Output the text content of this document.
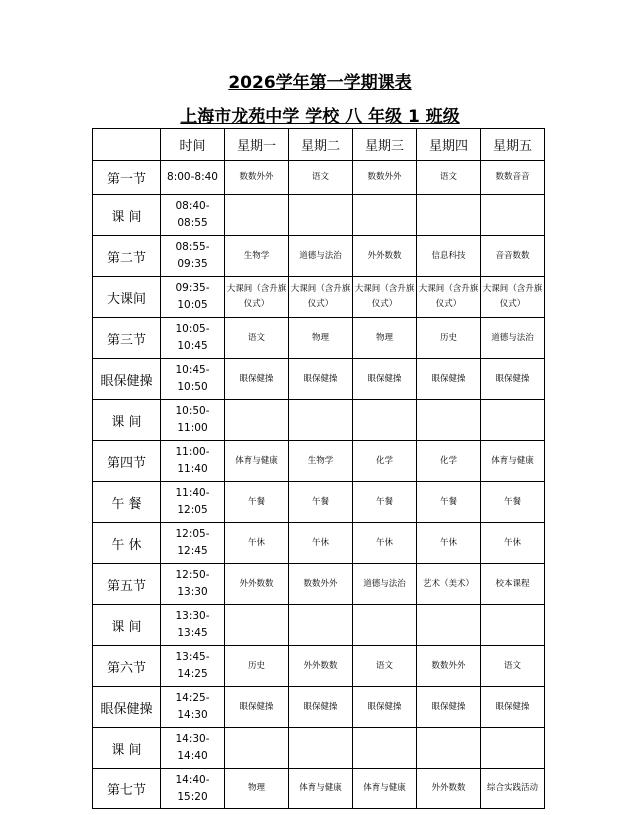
2026学年第一学期课表
上海市龙苑中学 学校 八 年级 1 班级
	时间	星期一	星期二	星期三	星期四	星期五
第一节	8:00-8:40	数数外外	语文	数数外外	语文	数数音音
课 间	08:40-08:55					
第二节	08:55-09:35	生物学	道德与法治	外外数数	信息科技	音音数数
大课间	09:35-10:05	大课间（含升旗仪式）	大课间（含升旗仪式）	大课间（含升旗仪式）	大课间（含升旗仪式）	大课间（含升旗仪式）
第三节	10:05-10:45	语文	物理	物理	历史	道德与法治
眼保健操	10:45-10:50	眼保健操	眼保健操	眼保健操	眼保健操	眼保健操
课 间	10:50-11:00					
第四节	11:00-11:40	体育与健康	生物学	化学	化学	体育与健康
午 餐	11:40-12:05	午餐	午餐	午餐	午餐	午餐
午 休	12:05-12:45	午休	午休	午休	午休	午休
第五节	12:50-13:30	外外数数	数数外外	道德与法治	艺术（美术）	校本课程
课 间	13:30-13:45					
第六节	13:45-14:25	历史	外外数数	语文	数数外外	语文
眼保健操	14:25-14:30	眼保健操	眼保健操	眼保健操	眼保健操	眼保健操
课 间	14:30-14:40					
第七节	14:40-15:20	物理	体育与健康	体育与健康	外外数数	综合实践活动
